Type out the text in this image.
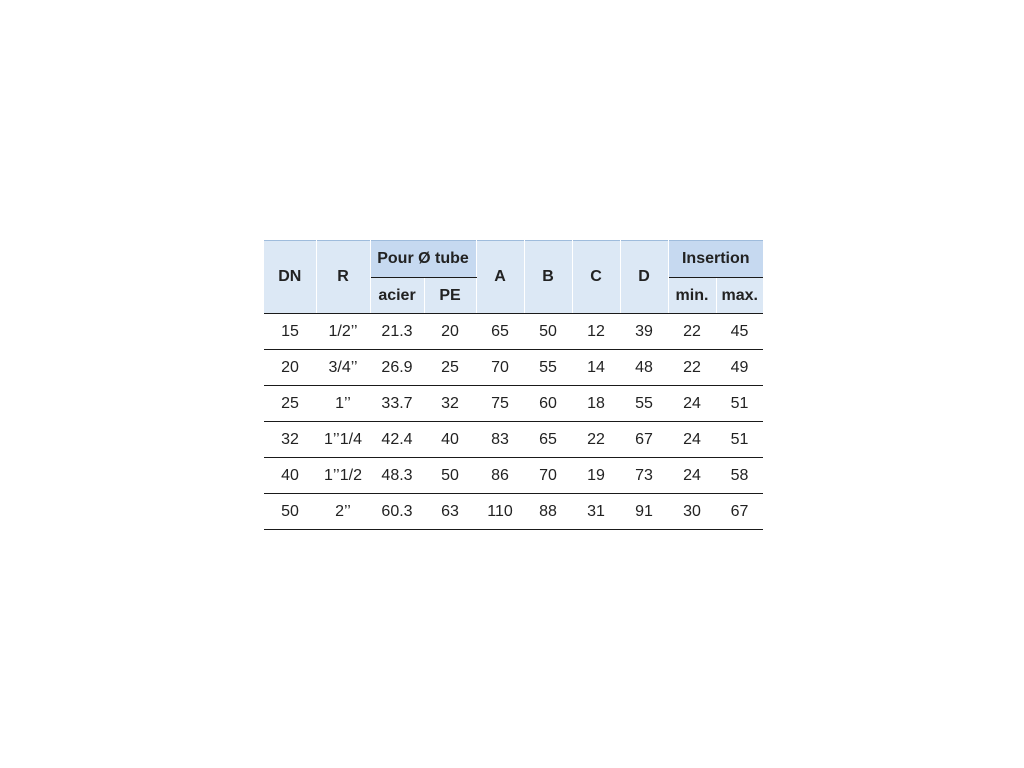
DN	R	Pour Ø tube		A	B	C	D	Insertion	
		acier	PE					min.	max.
15	1/2’’	21.3	20	65	50	12	39	22	45
20	3/4’’	26.9	25	70	55	14	48	22	49
25	1’’	33.7	32	75	60	18	55	24	51
32	1’’1/4	42.4	40	83	65	22	67	24	51
40	1’’1/2	48.3	50	86	70	19	73	24	58
50	2’’	60.3	63	110	88	31	91	30	67
